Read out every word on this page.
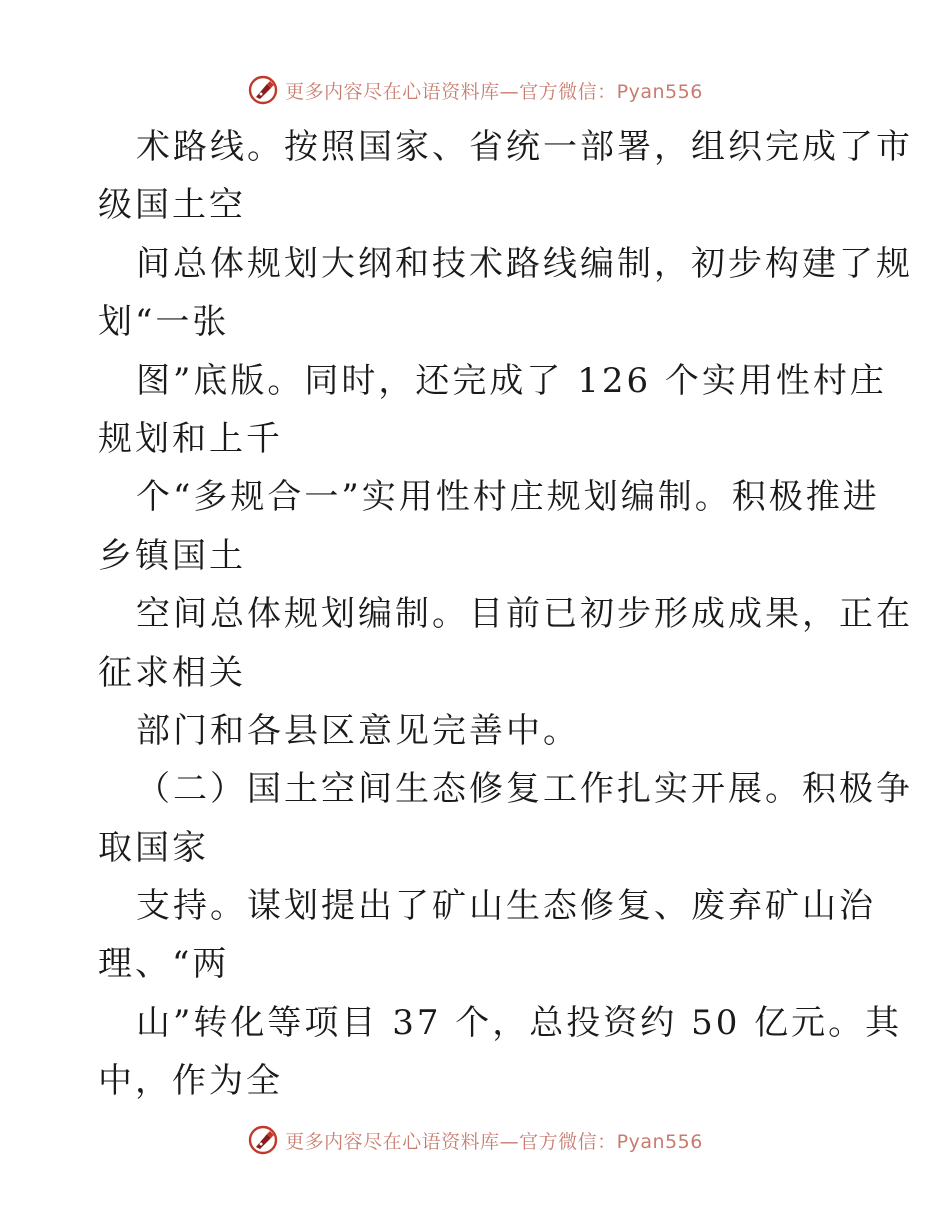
更多内容尽在心语资料库—官方微信：Pyan556
术路线。按照国家、省统一部署，组织完成了市
级国土空
间总体规划大纲和技术路线编制，初步构建了规
划“一张
图”底版。同时，还完成了 126 个实用性村庄
规划和上千
个“多规合一”实用性村庄规划编制。积极推进
乡镇国土
空间总体规划编制。目前已初步形成成果，正在
征求相关
部门和各县区意见完善中。
（二）国土空间生态修复工作扎实开展。积极争
取国家
支持。谋划提出了矿山生态修复、废弃矿山治
理、“两
山”转化等项目 37 个，总投资约 50 亿元。其
中，作为全
更多内容尽在心语资料库—官方微信：Pyan556
